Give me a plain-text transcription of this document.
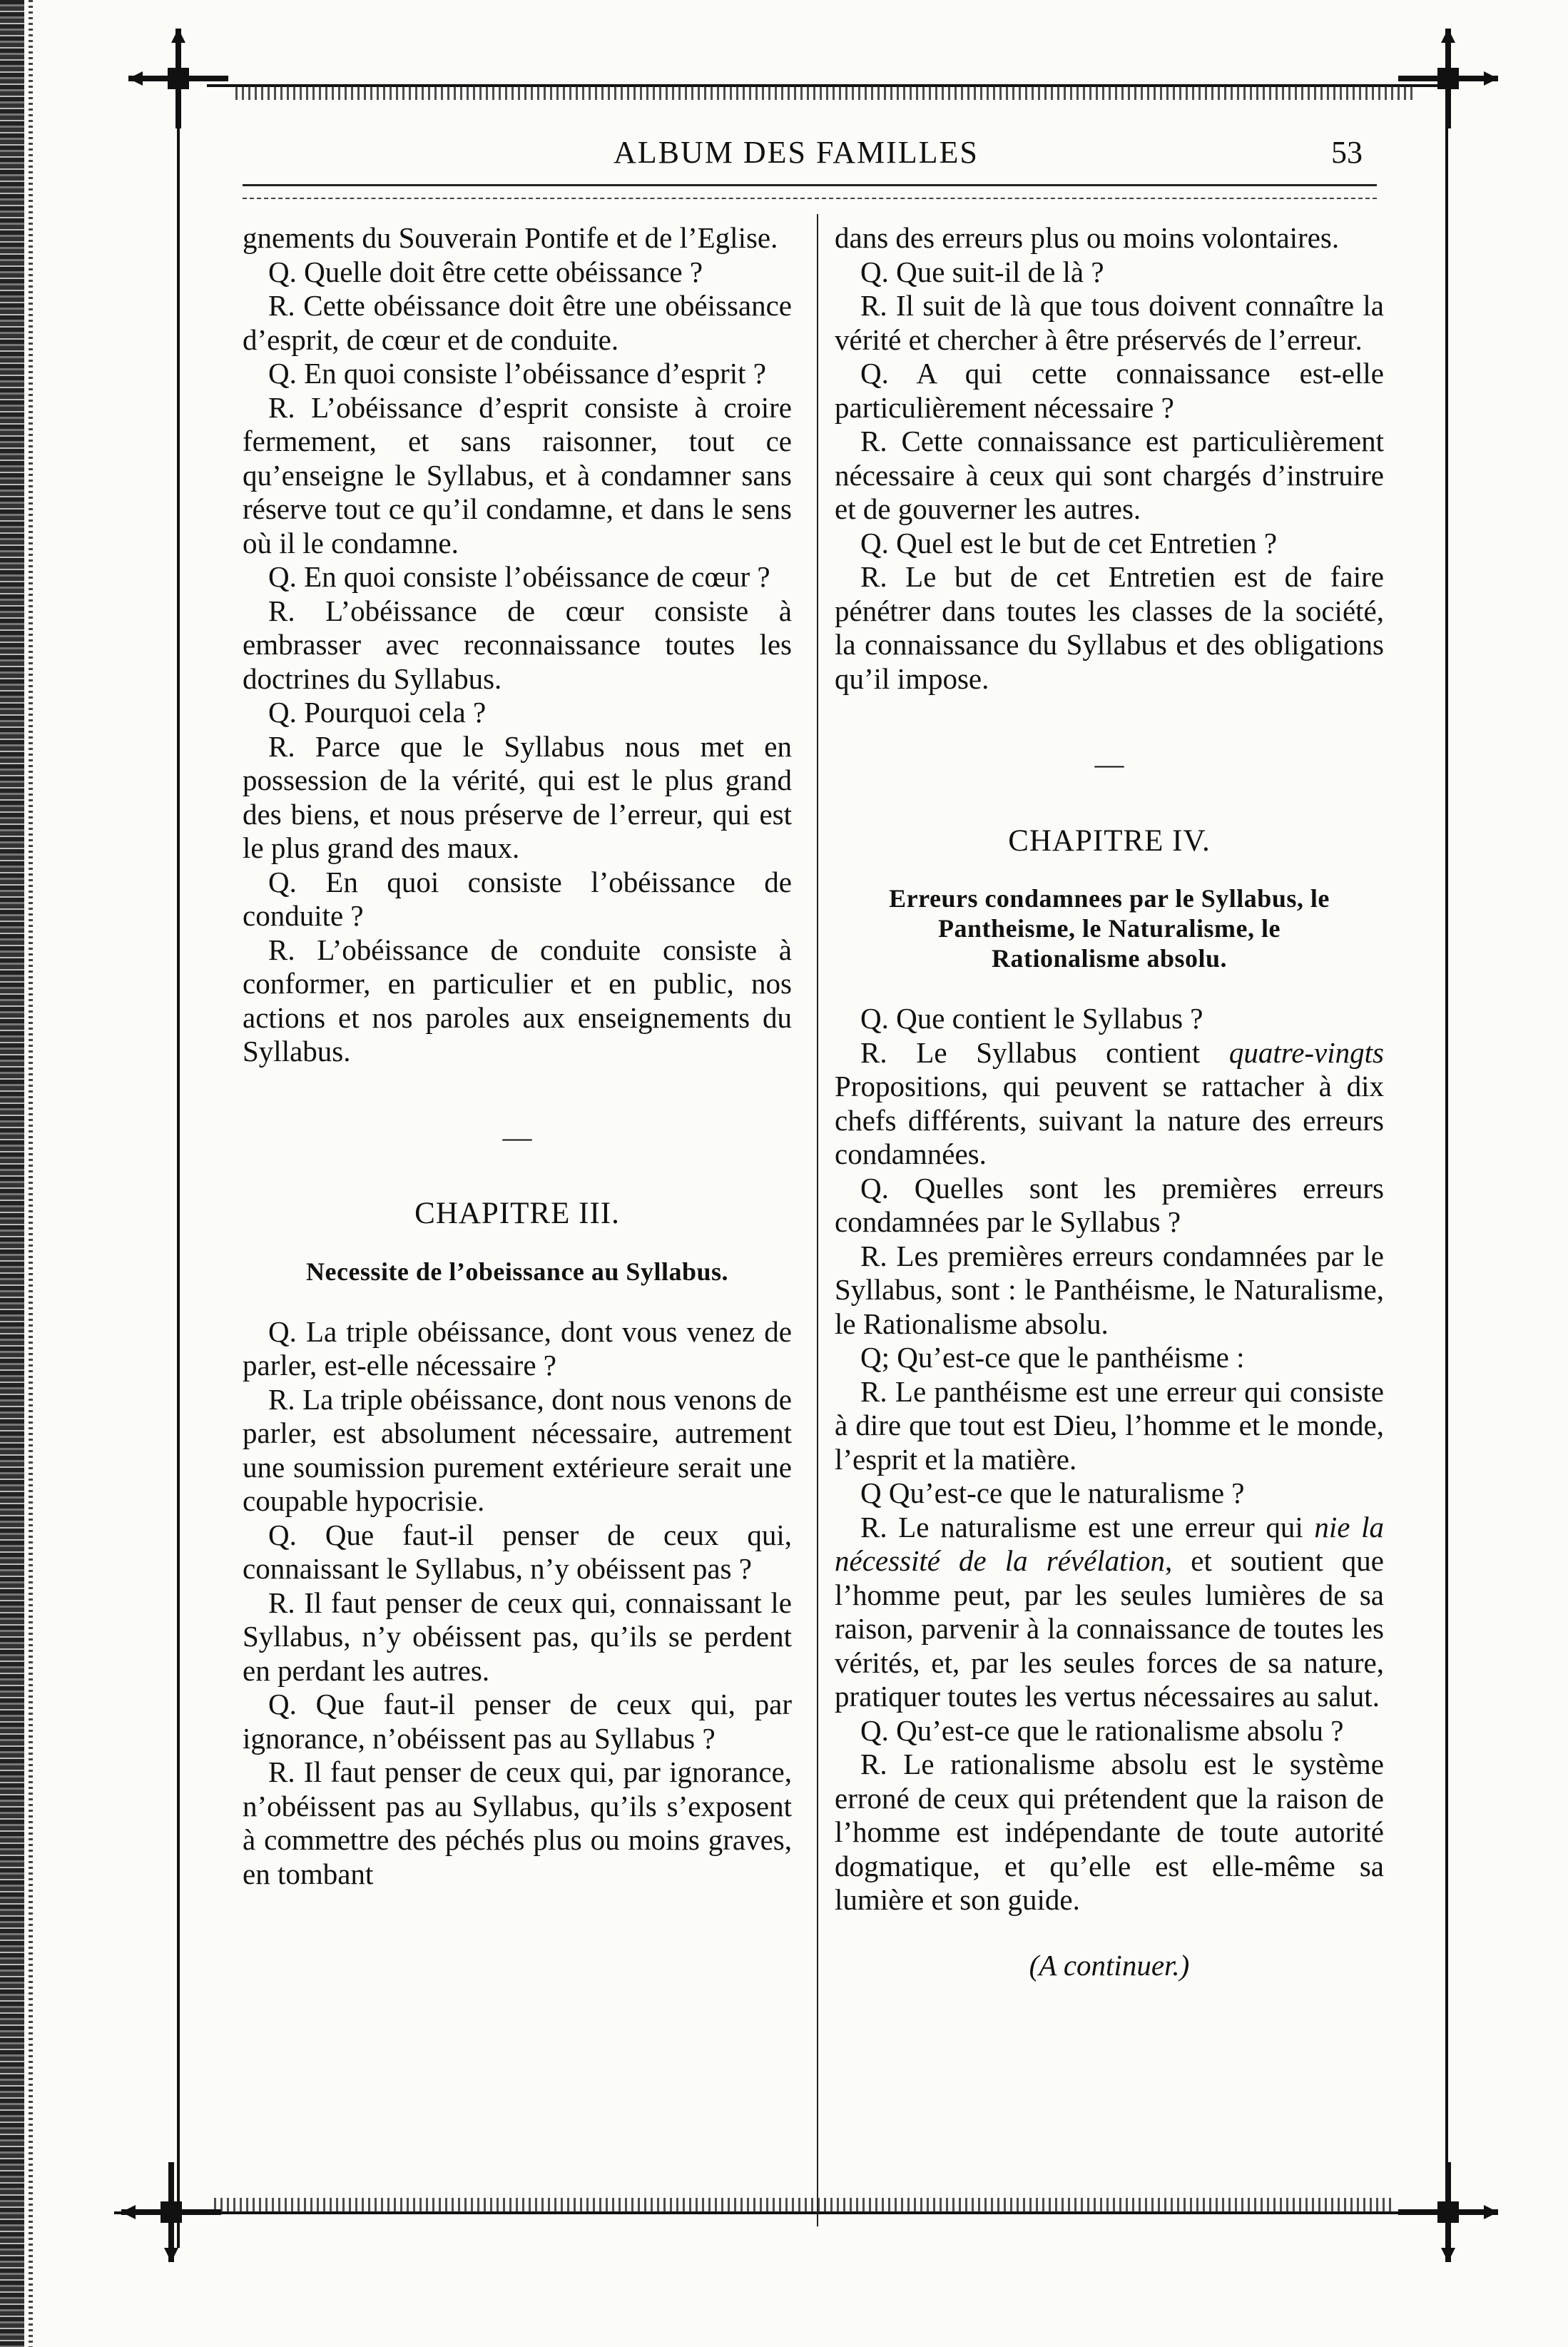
ALBUM DES FAMILLES	53

gnements du Souverain Pontife et de l’Eglise.

Q. Quelle doit être cette obéissance ?

R. Cette obéissance doit être une obéissance d’esprit, de cœur et de conduite.

Q. En quoi consiste l’obéissance d’esprit ?

R. L’obéissance d’esprit consiste à croire fermement, et sans raisonner, tout ce qu’enseigne le Syllabus, et à condamner sans réserve tout ce qu’il condamne, et dans le sens où il le condamne.

Q. En quoi consiste l’obéissance de cœur ?

R. L’obéissance de cœur consiste à embrasser avec reconnaissance toutes les doctrines du Syllabus.

Q. Pourquoi cela ?

R. Parce que le Syllabus nous met en possession de la vérité, qui est le plus grand des biens, et nous préserve de l’erreur, qui est le plus grand des maux.

Q. En quoi consiste l’obéissance de conduite ?

R. L’obéissance de conduite consiste à conformer, en particulier et en public, nos actions et nos paroles aux enseignements du Syllabus.

—
CHAPITRE III.
Necessite de l’obeissance au Syllabus.

Q. La triple obéissance, dont vous venez de parler, est-elle nécessaire ?

R. La triple obéissance, dont nous venons de parler, est absolument nécessaire, autrement une soumission purement extérieure serait une coupable hypocrisie.

Q. Que faut-il penser de ceux qui, connaissant le Syllabus, n’y obéissent pas ?

R. Il faut penser de ceux qui, connaissant le Syllabus, n’y obéissent pas, qu’ils se perdent en perdant les autres.

Q. Que faut-il penser de ceux qui, par ignorance, n’obéissent pas au Syllabus ?

R. Il faut penser de ceux qui, par ignorance, n’obéissent pas au Syllabus, qu’ils s’exposent à commettre des péchés plus ou moins graves, en tombant

dans des erreurs plus ou moins volontaires.

Q. Que suit-il de là ?

R. Il suit de là que tous doivent connaître la vérité et chercher à être préservés de l’erreur.

Q. A qui cette connaissance est-elle particulièrement nécessaire ?

R. Cette connaissance est particulièrement nécessaire à ceux qui sont chargés d’instruire et de gouverner les autres.

Q. Quel est le but de cet Entretien ?

R. Le but de cet Entretien est de faire pénétrer dans toutes les classes de la société, la connaissance du Syllabus et des obligations qu’il impose.

—
CHAPITRE IV.
Erreurs condamnees par le Syllabus, le Pantheisme, le Naturalisme, le Rationalisme absolu.

Q. Que contient le Syllabus ?

R. Le Syllabus contient quatre-vingts Propositions, qui peuvent se rattacher à dix chefs différents, suivant la nature des erreurs condamnées.

Q. Quelles sont les premières erreurs condamnées par le Syllabus ?

R. Les premières erreurs condamnées par le Syllabus, sont : le Panthéisme, le Naturalisme, le Rationalisme absolu.

Q; Qu’est-ce que le panthéisme :

R. Le panthéisme est une erreur qui consiste à dire que tout est Dieu, l’homme et le monde, l’esprit et la matière.

Q Qu’est-ce que le naturalisme ?

R. Le naturalisme est une erreur qui nie la nécessité de la révélation, et soutient que l’homme peut, par les seules lumières de sa raison, parvenir à la connaissance de toutes les vérités, et, par les seules forces de sa nature, pratiquer toutes les vertus nécessaires au salut.

Q. Qu’est-ce que le rationalisme absolu ?

R. Le rationalisme absolu est le système erroné de ceux qui prétendent que la raison de l’homme est indépendante de toute autorité dogmatique, et qu’elle est elle-même sa lumière et son guide.

(A continuer.)
